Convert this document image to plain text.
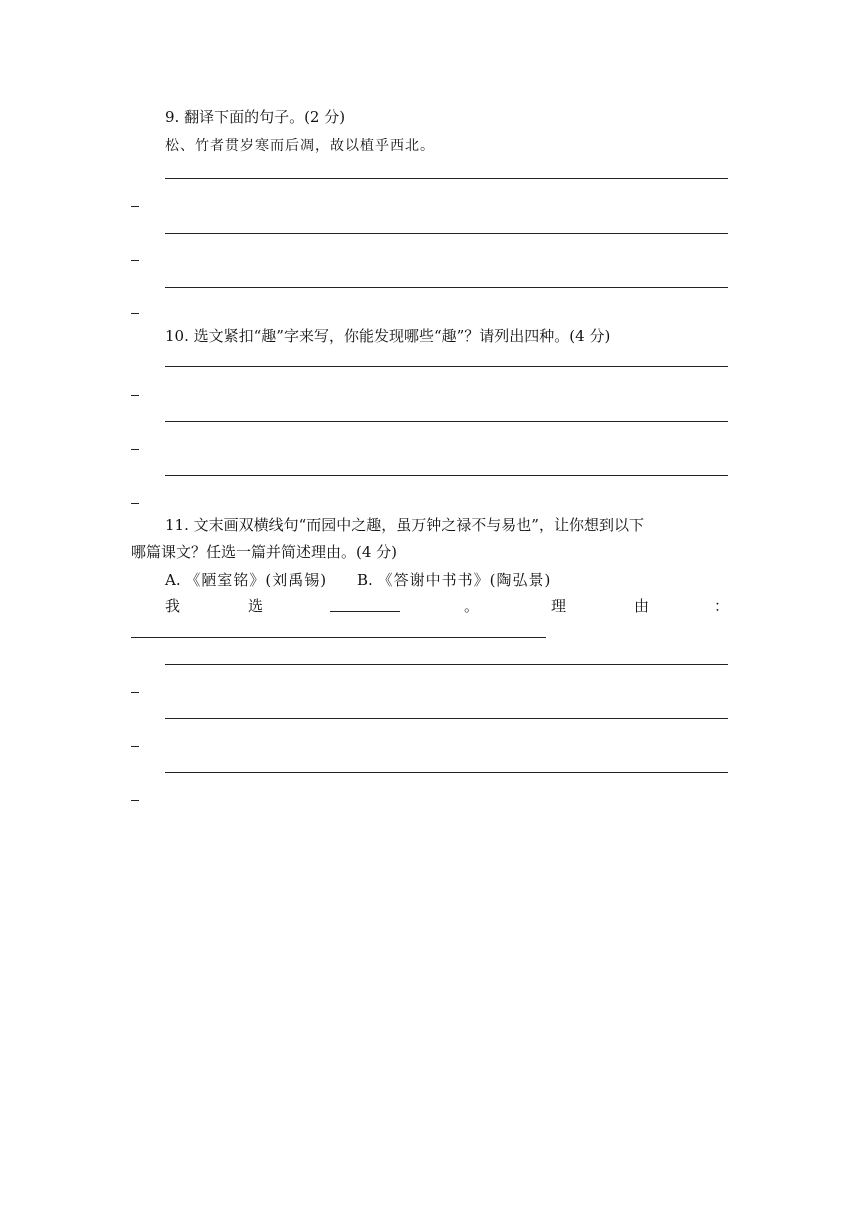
9. 翻译下面的句子。(2 分)
松、竹者贯岁寒而后凋，故以植乎西北。
10. 选文紧扣“趣”字来写，你能发现哪些“趣”？请列出四种。(4 分)
11. 文末画双横线句“而园中之趣，虽万钟之禄不与易也”，让你想到以下
哪篇课文？任选一篇并简述理由。(4 分)
A. 《陋室铭》(刘禹锡) B. 《答谢中书书》(陶弘景)
我	选	。	理	由	：
